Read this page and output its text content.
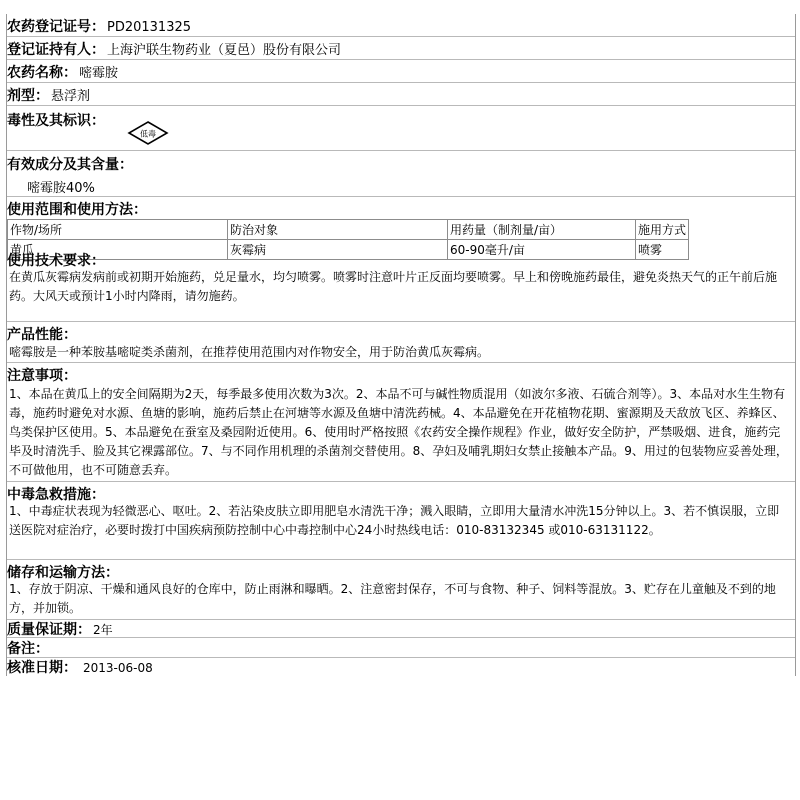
农药登记证号： PD20131325
登记证持有人： 上海沪联生物药业（夏邑）股份有限公司
农药名称： 嘧霉胺
剂型： 悬浮剂
毒性及其标识：
低毒
有效成分及其含量：
嘧霉胺40%
使用范围和使用方法：
作物/场所	防治对象	用药量（制剂量/亩）	施用方式
黄瓜	灰霉病	60-90毫升/亩	喷雾
使用技术要求：
在黄瓜灰霉病发病前或初期开始施药，兑足量水，均匀喷雾。喷雾时注意叶片正反面均要喷雾。早上和傍晚施药最佳，避免炎热天气的正午前后施药。大风天或预计1小时内降雨，请勿施药。
产品性能：
嘧霉胺是一种苯胺基嘧啶类杀菌剂，在推荐使用范围内对作物安全，用于防治黄瓜灰霉病。
注意事项：
1、本品在黄瓜上的安全间隔期为2天，每季最多使用次数为3次。2、本品不可与碱性物质混用（如波尔多液、石硫合剂等）。3、本品对水生生物有毒，施药时避免对水源、鱼塘的影响，施药后禁止在河塘等水源及鱼塘中清洗药械。4、本品避免在开花植物花期、蜜源期及天敌放飞区、养蜂区、鸟类保护区使用。5、本品避免在蚕室及桑园附近使用。6、使用时严格按照《农药安全操作规程》作业，做好安全防护，严禁吸烟、进食，施药完毕及时清洗手、脸及其它裸露部位。7、与不同作用机理的杀菌剂交替使用。8、孕妇及哺乳期妇女禁止接触本产品。9、用过的包装物应妥善处理，不可做他用，也不可随意丢弃。
中毒急救措施：
1、中毒症状表现为轻微恶心、呕吐。2、若沾染皮肤立即用肥皂水清洗干净；溅入眼睛，立即用大量清水冲洗15分钟以上。3、若不慎误服，立即送医院对症治疗，必要时拨打中国疾病预防控制中心中毒控制中心24小时热线电话：010-83132345 或010-63131122。
储存和运输方法：
1、存放于阴凉、干燥和通风良好的仓库中，防止雨淋和曝晒。2、注意密封保存，不可与食物、种子、饲料等混放。3、贮存在儿童触及不到的地方，并加锁。
质量保证期： 2年
备注：
核准日期： 2013-06-08
